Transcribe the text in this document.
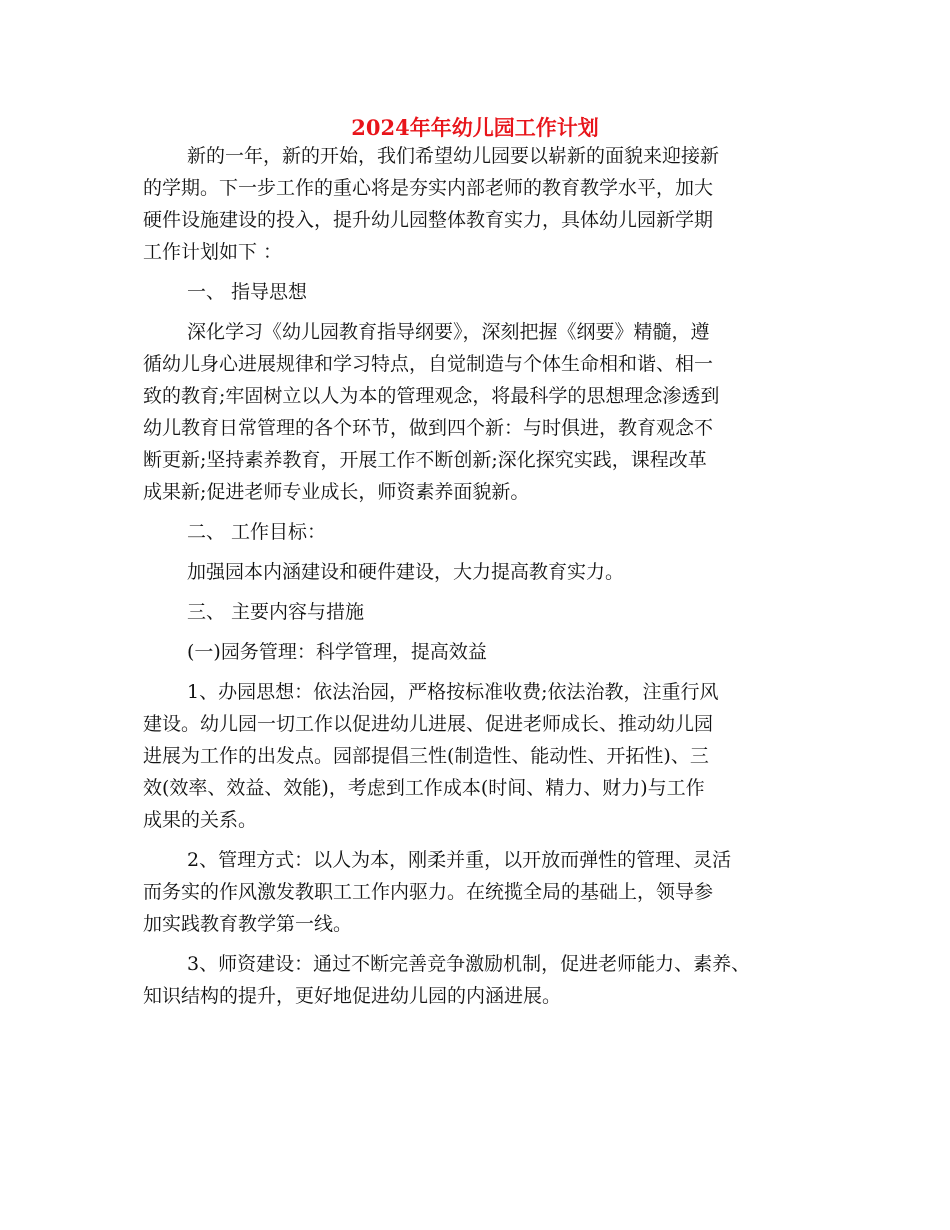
2024年年幼儿园工作计划

新的一年，新的开始，我们希望幼儿园要以崭新的面貌来迎接新
的学期。下一步工作的重心将是夯实内部老师的教育教学水平，加大
硬件设施建设的投入，提升幼儿园整体教育实力，具体幼儿园新学期
工作计划如下 ：

一、 指导思想

深化学习《幼儿园教育指导纲要》，深刻把握《纲要》精髓，遵
循幼儿身心进展规律和学习特点，自觉制造与个体生命相和谐、相一
致的教育;牢固树立以人为本的管理观念，将最科学的思想理念渗透到
幼儿教育日常管理的各个环节，做到四个新：与时俱进，教育观念不
断更新;坚持素养教育，开展工作不断创新;深化探究实践，课程改革
成果新;促进老师专业成长，师资素养面貌新。

二、 工作目标：

加强园本内涵建设和硬件建设，大力提高教育实力。

三、 主要内容与措施

(一)园务管理：科学管理，提高效益

1、办园思想：依法治园，严格按标准收费;依法治教，注重行风
建设。幼儿园一切工作以促进幼儿进展、促进老师成长、推动幼儿园
进展为工作的出发点。园部提倡三性(制造性、能动性、开拓性)、三
效(效率、效益、效能)，考虑到工作成本(时间、精力、财力)与工作
成果的关系。

2、管理方式：以人为本，刚柔并重，以开放而弹性的管理、灵活
而务实的作风激发教职工工作内驱力。在统揽全局的基础上，领导参
加实践教育教学第一线。

3、师资建设：通过不断完善竞争激励机制，促进老师能力、素养、
知识结构的提升，更好地促进幼儿园的内涵进展。
